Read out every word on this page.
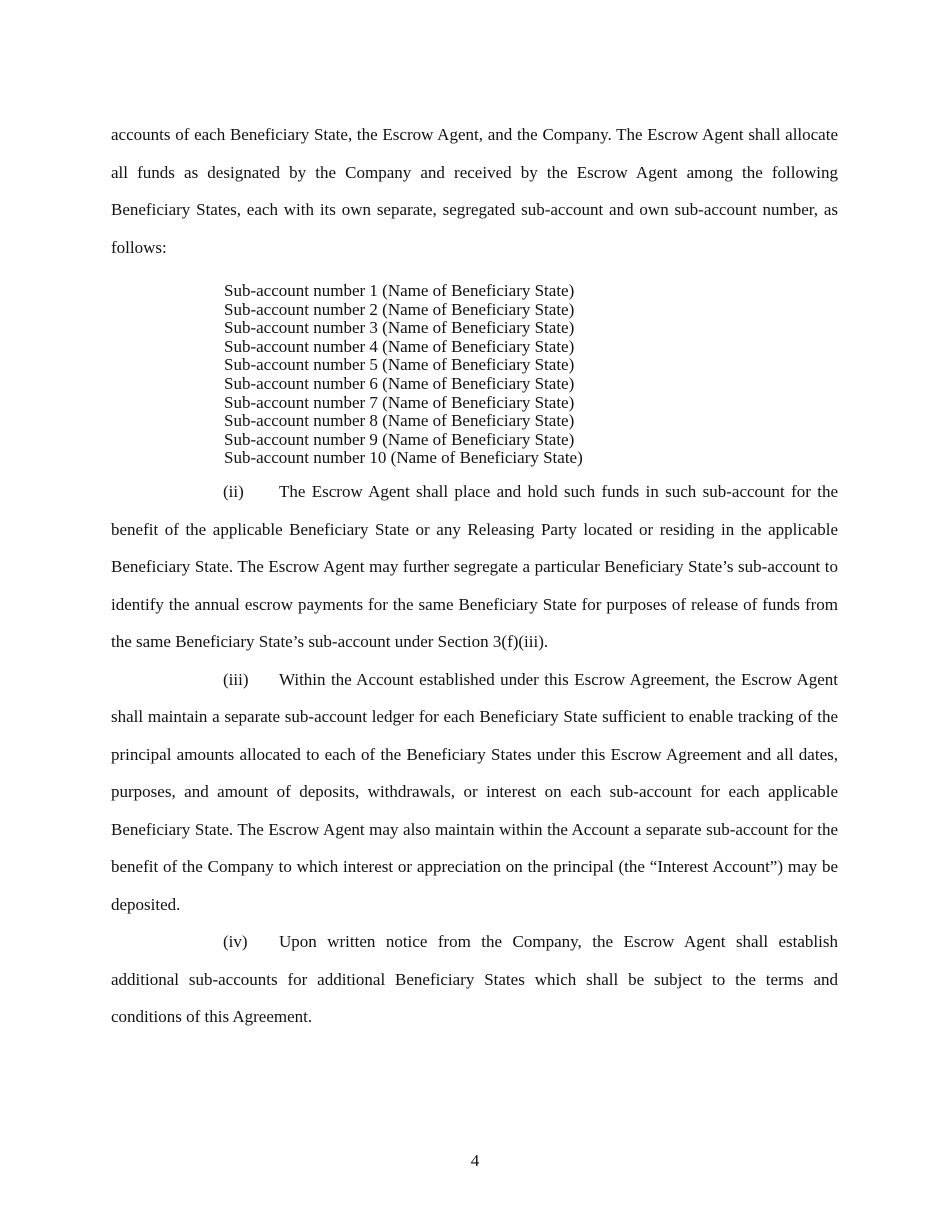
accounts of each Beneficiary State, the Escrow Agent, and the Company. The Escrow Agent shall allocate all funds as designated by the Company and received by the Escrow Agent among the following Beneficiary States, each with its own separate, segregated sub-account and own sub-account number, as follows:

Sub-account number 1 (Name of Beneficiary State)
Sub-account number 2 (Name of Beneficiary State)
Sub-account number 3 (Name of Beneficiary State)
Sub-account number 4 (Name of Beneficiary State)
Sub-account number 5 (Name of Beneficiary State)
Sub-account number 6 (Name of Beneficiary State)
Sub-account number 7 (Name of Beneficiary State)
Sub-account number 8 (Name of Beneficiary State)
Sub-account number 9 (Name of Beneficiary State)
Sub-account number 10 (Name of Beneficiary State)

(ii) The Escrow Agent shall place and hold such funds in such sub-account for the benefit of the applicable Beneficiary State or any Releasing Party located or residing in the applicable Beneficiary State. The Escrow Agent may further segregate a particular Beneficiary State’s sub-account to identify the annual escrow payments for the same Beneficiary State for purposes of release of funds from the same Beneficiary State’s sub-account under Section 3(f)(iii).

(iii) Within the Account established under this Escrow Agreement, the Escrow Agent shall maintain a separate sub-account ledger for each Beneficiary State sufficient to enable tracking of the principal amounts allocated to each of the Beneficiary States under this Escrow Agreement and all dates, purposes, and amount of deposits, withdrawals, or interest on each sub-account for each applicable Beneficiary State. The Escrow Agent may also maintain within the Account a separate sub-account for the benefit of the Company to which interest or appreciation on the principal (the “Interest Account”) may be deposited.

(iv) Upon written notice from the Company, the Escrow Agent shall establish additional sub-accounts for additional Beneficiary States which shall be subject to the terms and conditions of this Agreement.

4
